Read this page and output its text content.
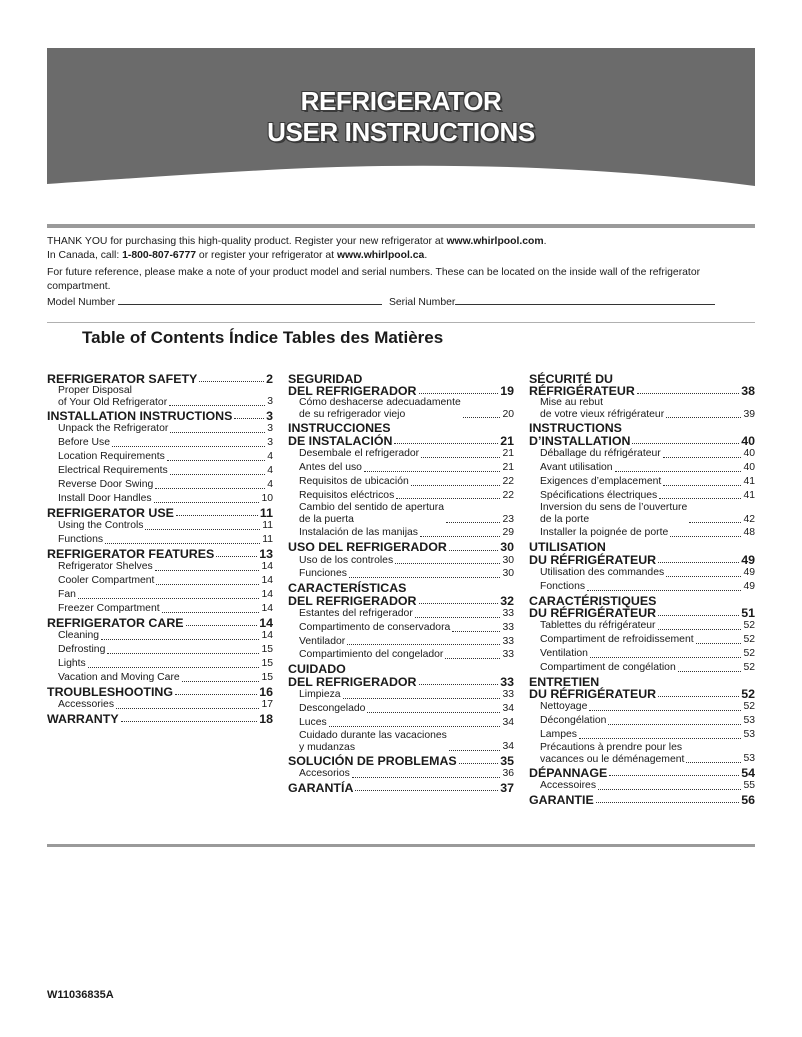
REFRIGERATOR
USER INSTRUCTIONS

THANK YOU for purchasing this high-quality product. Register your new refrigerator at www.whirlpool.com.

In Canada, call: 1-800-807-6777 or register your refrigerator at www.whirlpool.ca.

For future reference, please make a note of your product model and serial numbers. These can be located on the inside wall of the refrigerator compartment.

Model Number	Serial Number

Table of Contents Índice Tables des Matières
REFRIGERATOR SAFETY	2
Proper Disposal
of Your Old Refrigerator	3
INSTALLATION INSTRUCTIONS	3
Unpack the Refrigerator	3
Before Use	3
Location Requirements	4
Electrical Requirements	4
Reverse Door Swing	4
Install Door Handles	10
REFRIGERATOR USE	11
Using the Controls	11
Functions	11
REFRIGERATOR FEATURES	13
Refrigerator Shelves	14
Cooler Compartment	14
Fan	14
Freezer Compartment	14
REFRIGERATOR CARE	14
Cleaning	14
Defrosting	15
Lights	15
Vacation and Moving Care	15
TROUBLESHOOTING	16
Accessories	17
WARRANTY	18
SEGURIDAD
DEL REFRIGERADOR	19
Cómo deshacerse adecuadamente
de su refrigerador viejo	20
INSTRUCCIONES
DE INSTALACIÓN	21
Desembale el refrigerador	21
Antes del uso	21
Requisitos de ubicación	22
Requisitos eléctricos	22
Cambio del sentido de apertura
de la puerta	23
Instalación de las manijas	29
USO DEL REFRIGERADOR	30
Uso de los controles	30
Funciones	30
CARACTERÍSTICAS
DEL REFRIGERADOR	32
Estantes del refrigerador	33
Compartimento de conservadora	33
Ventilador	33
Compartimiento del congelador	33
CUIDADO
DEL REFRIGERADOR	33
Limpieza	33
Descongelado	34
Luces	34
Cuidado durante las vacaciones
y mudanzas	34
SOLUCIÓN DE PROBLEMAS	35
Accesorios	36
GARANTÍA	37
SÉCURITÉ DU
RÉFRIGÉRATEUR	38
Mise au rebut
de votre vieux réfrigérateur	39
INSTRUCTIONS
D’INSTALLATION	40
Déballage du réfrigérateur	40
Avant utilisation	40
Exigences d’emplacement	41
Spécifications électriques	41
Inversion du sens de l’ouverture
de la porte	42
Installer la poignée de porte	48
UTILISATION
DU RÉFRIGÉRATEUR	49
Utilisation des commandes	49
Fonctions	49
CARACTÉRISTIQUES
DU RÉFRIGÉRATEUR	51
Tablettes du réfrigérateur	52
Compartiment de refroidissement	52
Ventilation	52
Compartiment de congélation	52
ENTRETIEN
DU RÉFRIGÉRATEUR	52
Nettoyage	52
Décongélation	53
Lampes	53
Précautions à prendre pour les
vacances ou le déménagement	53
DÉPANNAGE	54
Accessoires	55
GARANTIE	56
W11036835A
